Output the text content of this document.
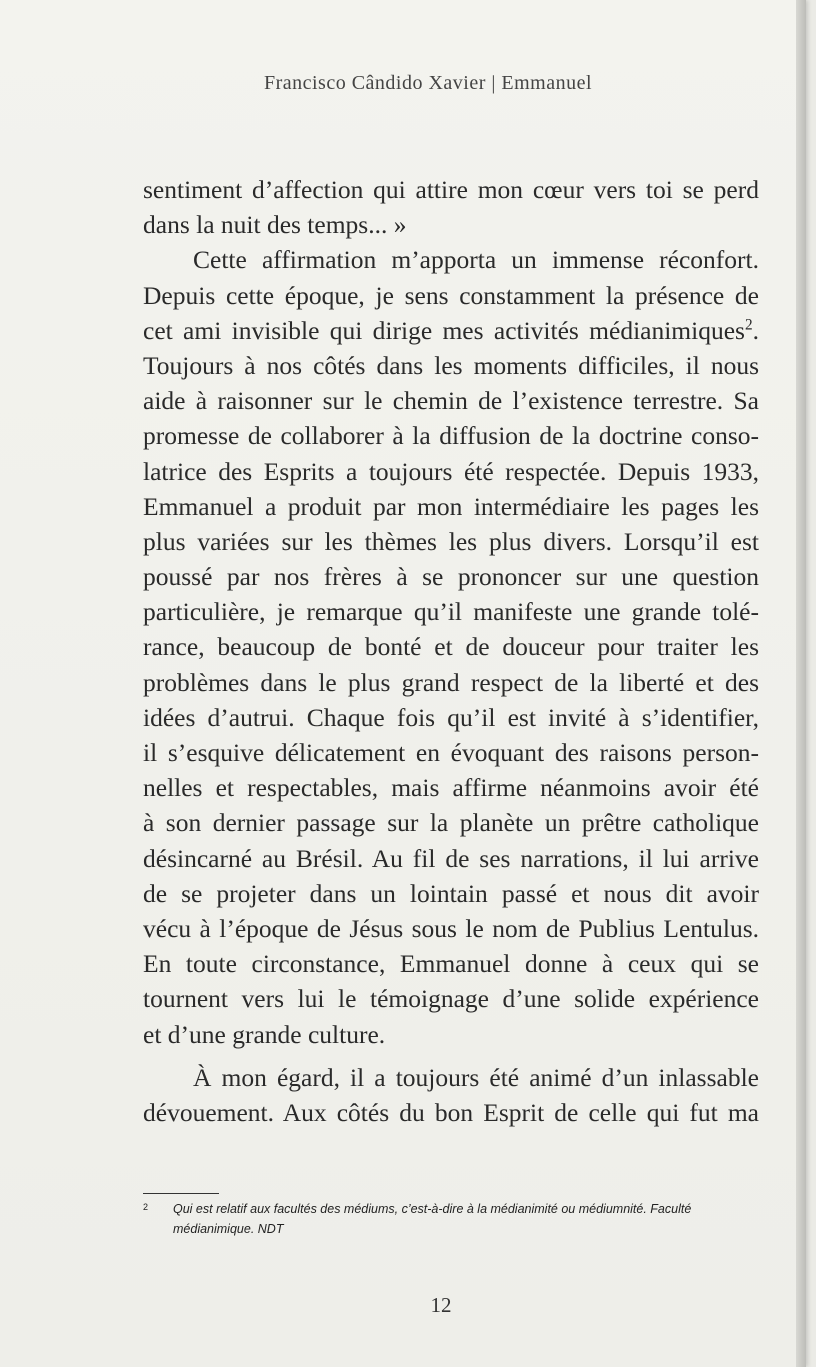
Francisco Cândido Xavier | Emmanuel
sentiment d’affection qui attire mon cœur vers toi se perd
dans la nuit des temps... »
Cette affirmation m’apporta un immense réconfort.
Depuis cette époque, je sens constamment la présence de
cet ami invisible qui dirige mes activités médianimiques$^2$.
Toujours à nos côtés dans les moments difficiles, il nous
aide à raisonner sur le chemin de l’existence terrestre. Sa
promesse de collaborer à la diffusion de la doctrine conso-
latrice des Esprits a toujours été respectée. Depuis 1933,
Emmanuel a produit par mon intermédiaire les pages les
plus variées sur les thèmes les plus divers. Lorsqu’il est
poussé par nos frères à se prononcer sur une question
particulière, je remarque qu’il manifeste une grande tolé-
rance, beaucoup de bonté et de douceur pour traiter les
problèmes dans le plus grand respect de la liberté et des
idées d’autrui. Chaque fois qu’il est invité à s’identifier,
il s’esquive délicatement en évoquant des raisons person-
nelles et respectables, mais affirme néanmoins avoir été
à son dernier passage sur la planète un prêtre catholique
désincarné au Brésil. Au fil de ses narrations, il lui arrive
de se projeter dans un lointain passé et nous dit avoir
vécu à l’époque de Jésus sous le nom de Publius Lentulus.
En toute circonstance, Emmanuel donne à ceux qui se
tournent vers lui le témoignage d’une solide expérience
et d’une grande culture.
À mon égard, il a toujours été animé d’un inlassable
dévouement. Aux côtés du bon Esprit de celle qui fut ma
2	Qui est relatif aux facultés des médiums, c’est-à-dire à la médianimité ou médiumnité. Faculté
médianimique. NDT
12
